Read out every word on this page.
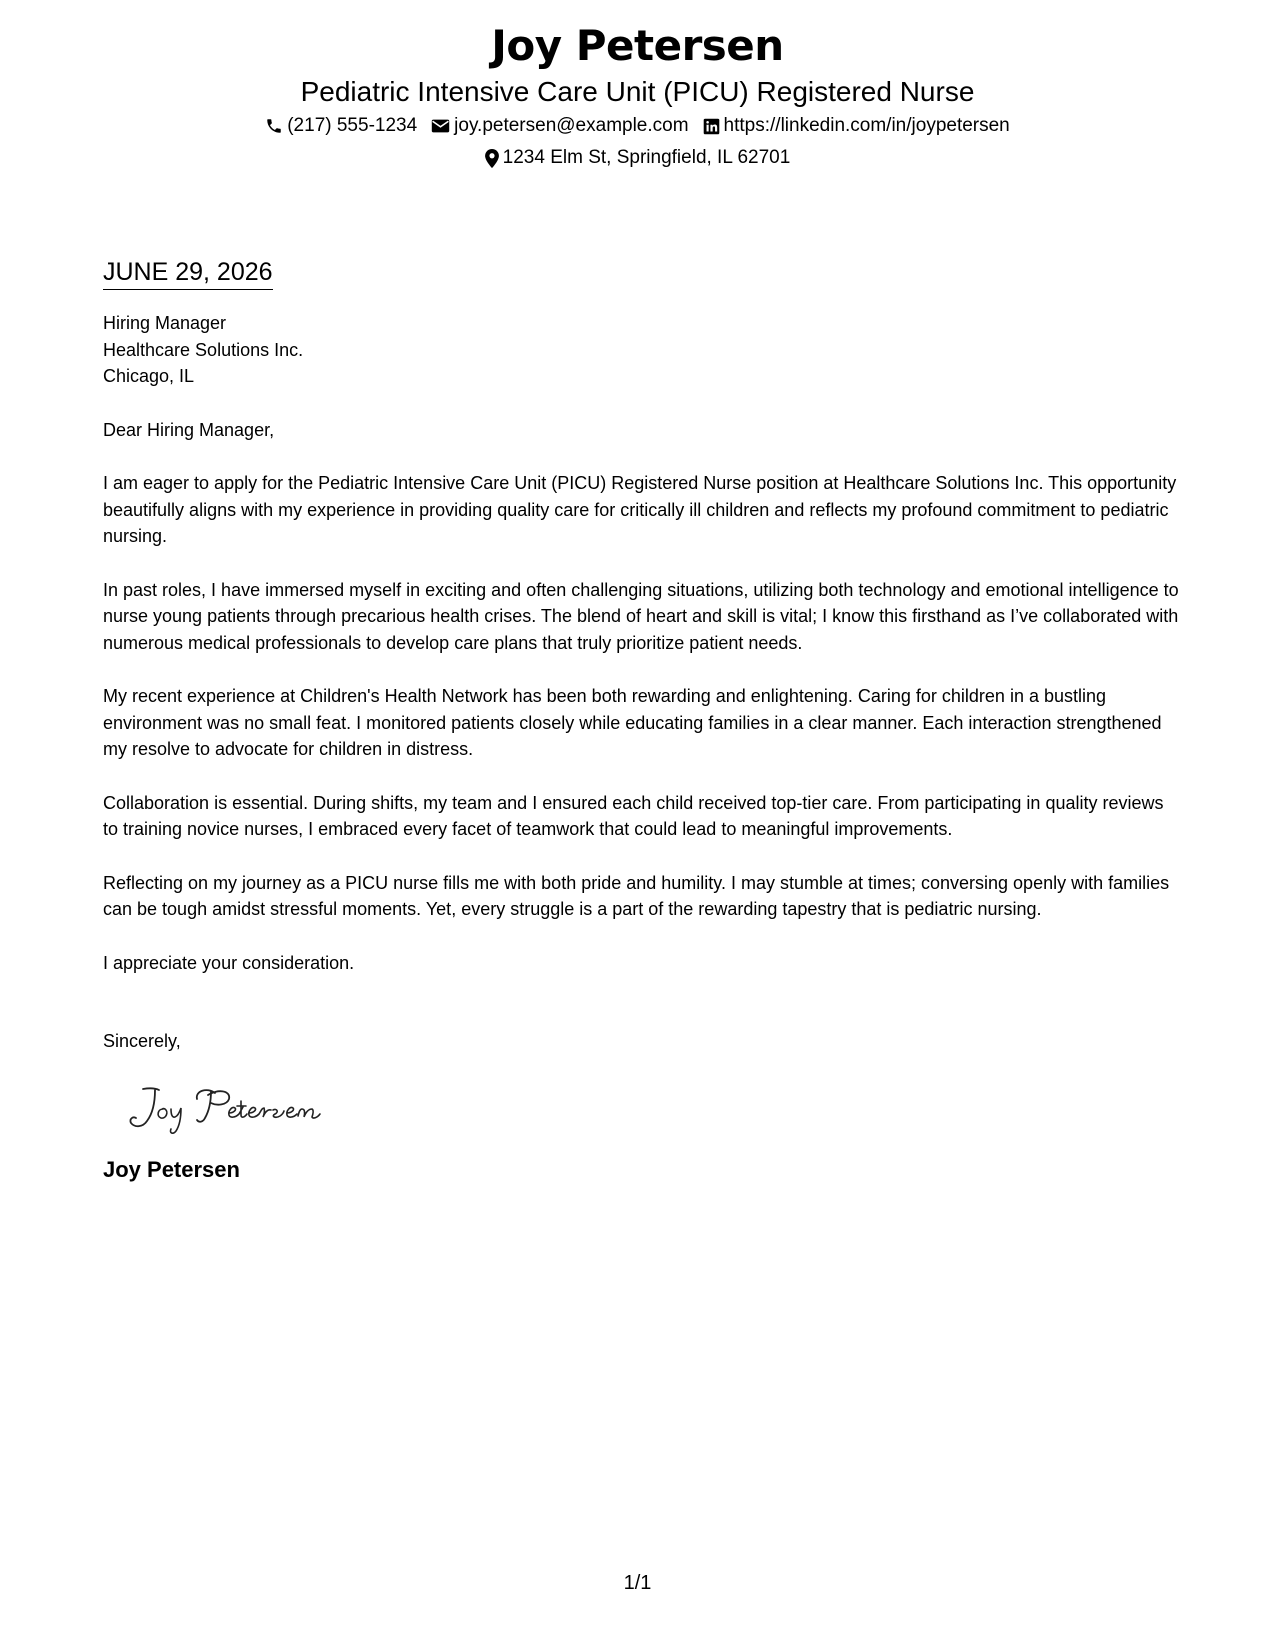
Joy Petersen
Pediatric Intensive Care Unit (PICU) Registered Nurse
(217) 555-1234 joy.petersen@example.com https://linkedin.com/in/joypetersen
1234 Elm St, Springfield, IL 62701
JUNE 29, 2026
Hiring Manager
Healthcare Solutions Inc.
Chicago, IL
Dear Hiring Manager,
I am eager to apply for the Pediatric Intensive Care Unit (PICU) Registered Nurse position at Healthcare Solutions Inc. This opportunity beautifully aligns with my experience in providing quality care for critically ill children and reflects my profound commitment to pediatric nursing.
In past roles, I have immersed myself in exciting and often challenging situations, utilizing both technology and emotional intelligence to nurse young patients through precarious health crises. The blend of heart and skill is vital; I know this firsthand as I’ve collaborated with numerous medical professionals to develop care plans that truly prioritize patient needs.
My recent experience at Children's Health Network has been both rewarding and enlightening. Caring for children in a bustling environment was no small feat. I monitored patients closely while educating families in a clear manner. Each interaction strengthened my resolve to advocate for children in distress.
Collaboration is essential. During shifts, my team and I ensured each child received top-tier care. From participating in quality reviews to training novice nurses, I embraced every facet of teamwork that could lead to meaningful improvements.
Reflecting on my journey as a PICU nurse fills me with both pride and humility. I may stumble at times; conversing openly with families can be tough amidst stressful moments. Yet, every struggle is a part of the rewarding tapestry that is pediatric nursing.
I appreciate your consideration.
Sincerely,
Joy Petersen
1/1
